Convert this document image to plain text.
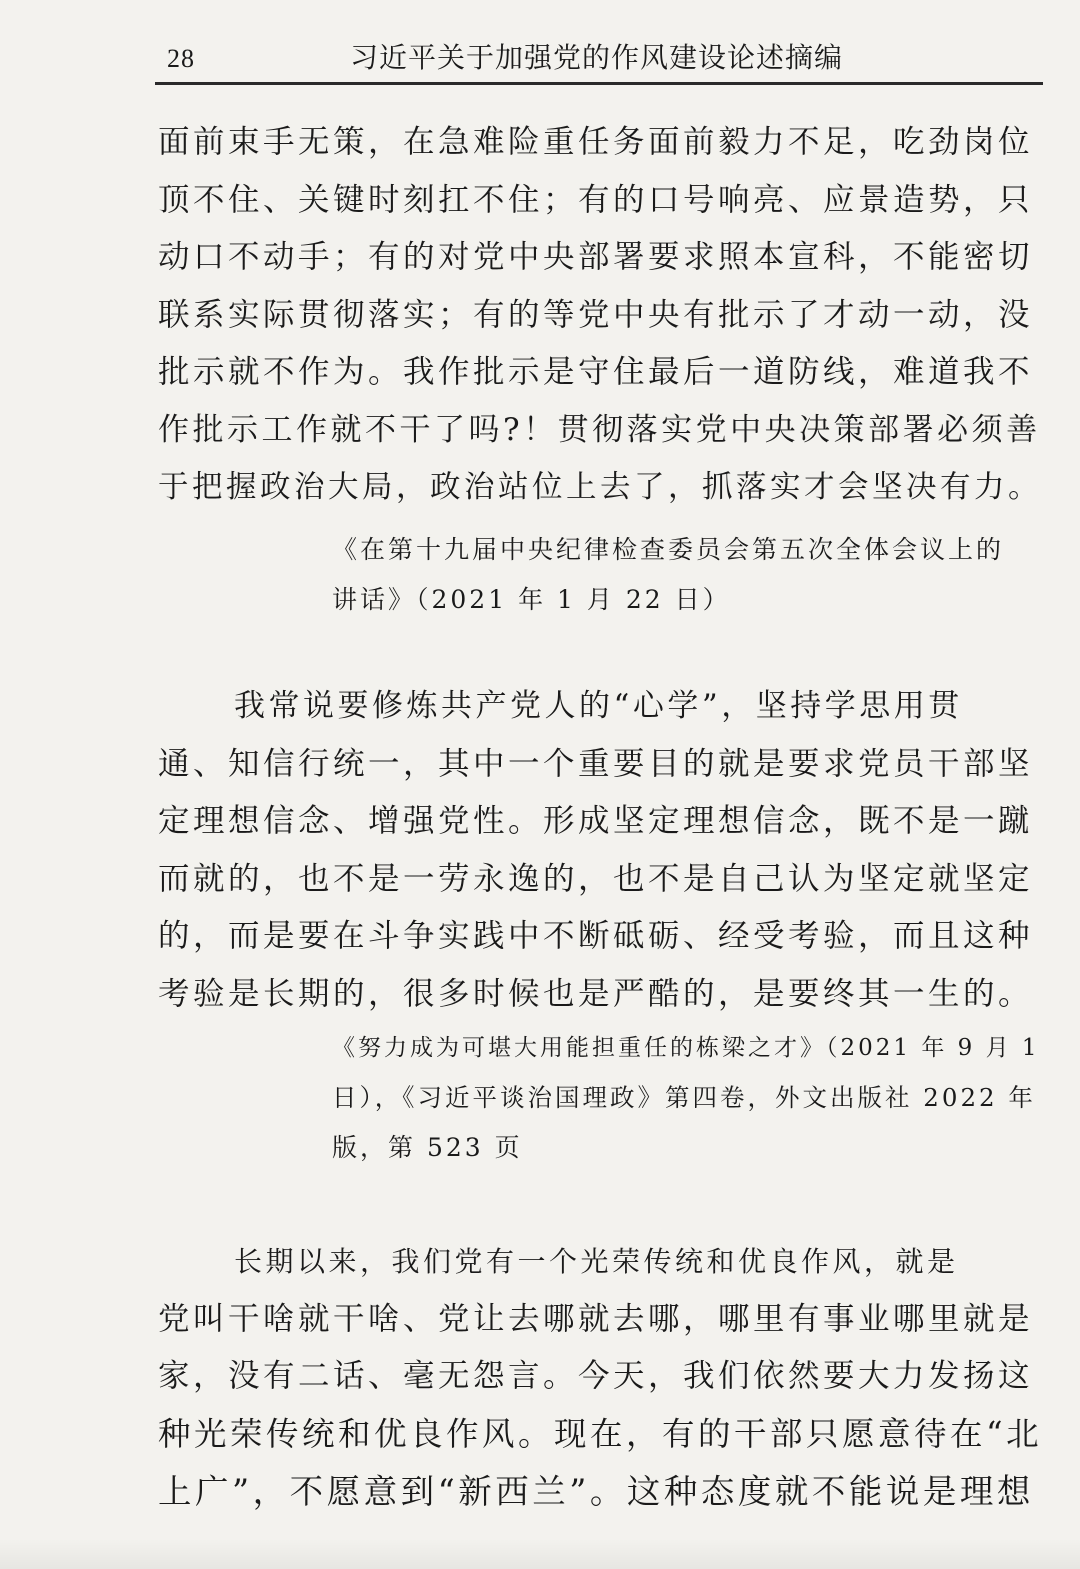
28	习近平关于加强党的作风建设论述摘编
面前束手无策，在急难险重任务面前毅力不足，吃劲岗位
顶不住、关键时刻扛不住；有的口号响亮、应景造势，只
动口不动手；有的对党中央部署要求照本宣科，不能密切
联系实际贯彻落实；有的等党中央有批示了才动一动，没
批示就不作为。我作批示是守住最后一道防线，难道我不
作批示工作就不干了吗?！贯彻落实党中央决策部署必须善
于把握政治大局，政治站位上去了，抓落实才会坚决有力。
《在第十九届中央纪律检查委员会第五次全体会议上的
讲话》（2021 年 1 月 22 日）
我常说要修炼共产党人的“心学”，坚持学思用贯
通、知信行统一，其中一个重要目的就是要求党员干部坚
定理想信念、增强党性。形成坚定理想信念，既不是一蹴
而就的，也不是一劳永逸的，也不是自己认为坚定就坚定
的，而是要在斗争实践中不断砥砺、经受考验，而且这种
考验是长期的，很多时候也是严酷的，是要终其一生的。
《努力成为可堪大用能担重任的栋梁之才》（2021 年 9 月 1
日），《习近平谈治国理政》第四卷，外文出版社 2022 年
版，第 523 页
长期以来，我们党有一个光荣传统和优良作风，就是
党叫干啥就干啥、党让去哪就去哪，哪里有事业哪里就是
家，没有二话、毫无怨言。今天，我们依然要大力发扬这
种光荣传统和优良作风。现在，有的干部只愿意待在“北
上广”，不愿意到“新西兰”。这种态度就不能说是理想
